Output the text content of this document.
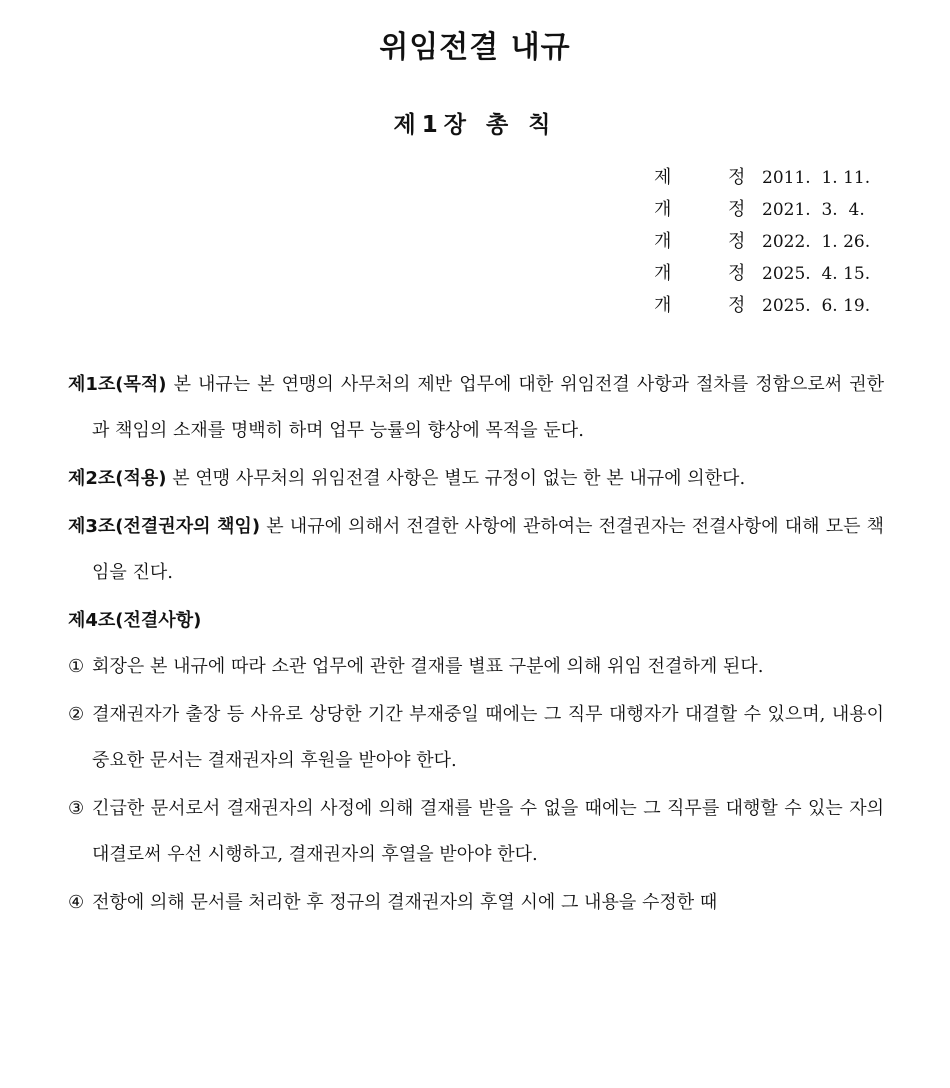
위임전결 내규
제1장 총 칙
제	정 2011.  1. 11.
개	정 2021.  3.  4.
개	정 2022.  1. 26.
개	정 2025.  4. 15.
개	정 2025.  6. 19.

제1조(목적) 본 내규는 본 연맹의 사무처의 제반 업무에 대한 위임전결 사항과 절차를 정함으로써 권한과 책임의 소재를 명백히 하며 업무 능률의 향상에 목적을 둔다.

제2조(적용) 본 연맹 사무처의 위임전결 사항은 별도 규정이 없는 한 본 내규에 의한다.

제3조(전결권자의 책임) 본 내규에 의해서 전결한 사항에 관하여는 전결권자는 전결사항에 대해 모든 책임을 진다.

제4조(전결사항)

① 회장은 본 내규에 따라 소관 업무에 관한 결재를 별표 구분에 의해 위임 전결하게 된다.

② 결재권자가 출장 등 사유로 상당한 기간 부재중일 때에는 그 직무 대행자가 대결할 수 있으며, 내용이 중요한 문서는 결재권자의 후원을 받아야 한다.

③ 긴급한 문서로서 결재권자의 사정에 의해 결재를 받을 수 없을 때에는 그 직무를 대행할 수 있는 자의 대결로써 우선 시행하고, 결재권자의 후열을 받아야 한다.

④ 전항에 의해 문서를 처리한 후 정규의 결재권자의 후열 시에 그 내용을 수정한 때
